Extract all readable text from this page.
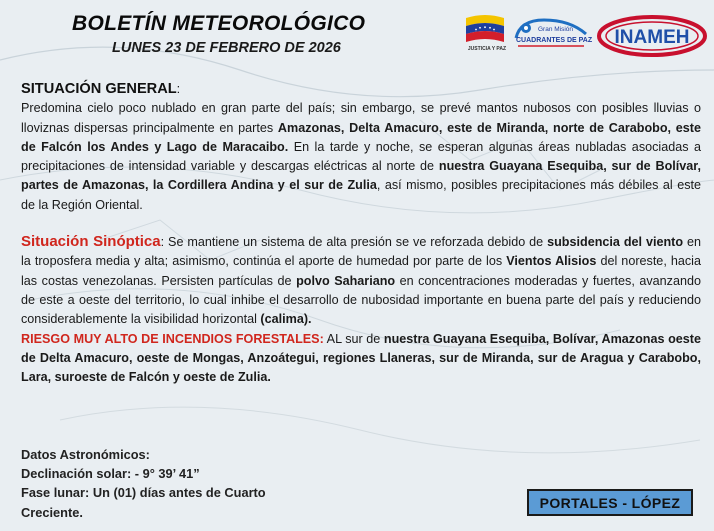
BOLETÍN METEOROLÓGICO
LUNES 23 DE FEBRERO DE 2026	JUSTICIA Y PAZ
Gran Misión
CUADRANTES DE PAZ INAMEH

SITUACIÓN GENERAL:
Predomina cielo poco nublado en gran parte del país; sin embargo, se prevé mantos nubosos con posibles lluvias o lloviznas dispersas principalmente en partes Amazonas, Delta Amacuro, este de Miranda, norte de Carabobo, este de Falcón los Andes y Lago de Maracaibo. En la tarde y noche, se esperan algunas áreas nubladas asociadas a precipitaciones de intensidad variable y descargas eléctricas al norte de nuestra Guayana Esequiba, sur de Bolívar, partes de Amazonas, la Cordillera Andina y el sur de Zulia, así mismo, posibles precipitaciones más débiles al este de la Región Oriental.

Situación Sinóptica: Se mantiene un sistema de alta presión se ve reforzada debido de subsidencia del viento en la troposfera media y alta; asimismo, continúa el aporte de humedad por parte de los Vientos Alisios del noreste, hacia las costas venezolanas. Persisten partículas de polvo Sahariano en concentraciones moderadas y fuertes, avanzando de este a oeste del territorio, lo cual inhibe el desarrollo de nubosidad importante en buena parte del país y reduciendo considerablemente la visibilidad horizontal (calima).

RIESGO MUY ALTO DE INCENDIOS FORESTALES: AL sur de nuestra Guayana Esequiba, Bolívar, Amazonas oeste de Delta Amacuro, oeste de Mongas, Anzoátegui, regiones Llaneras, sur de Miranda, sur de Aragua y Carabobo, Lara, suroeste de Falcón y oeste de Zulia.

Datos Astronómicos:
Declinación solar: - 9° 39’ 41”
Fase lunar: Un (01) días antes de Cuarto
Creciente.
PORTALES - LÓPEZ
